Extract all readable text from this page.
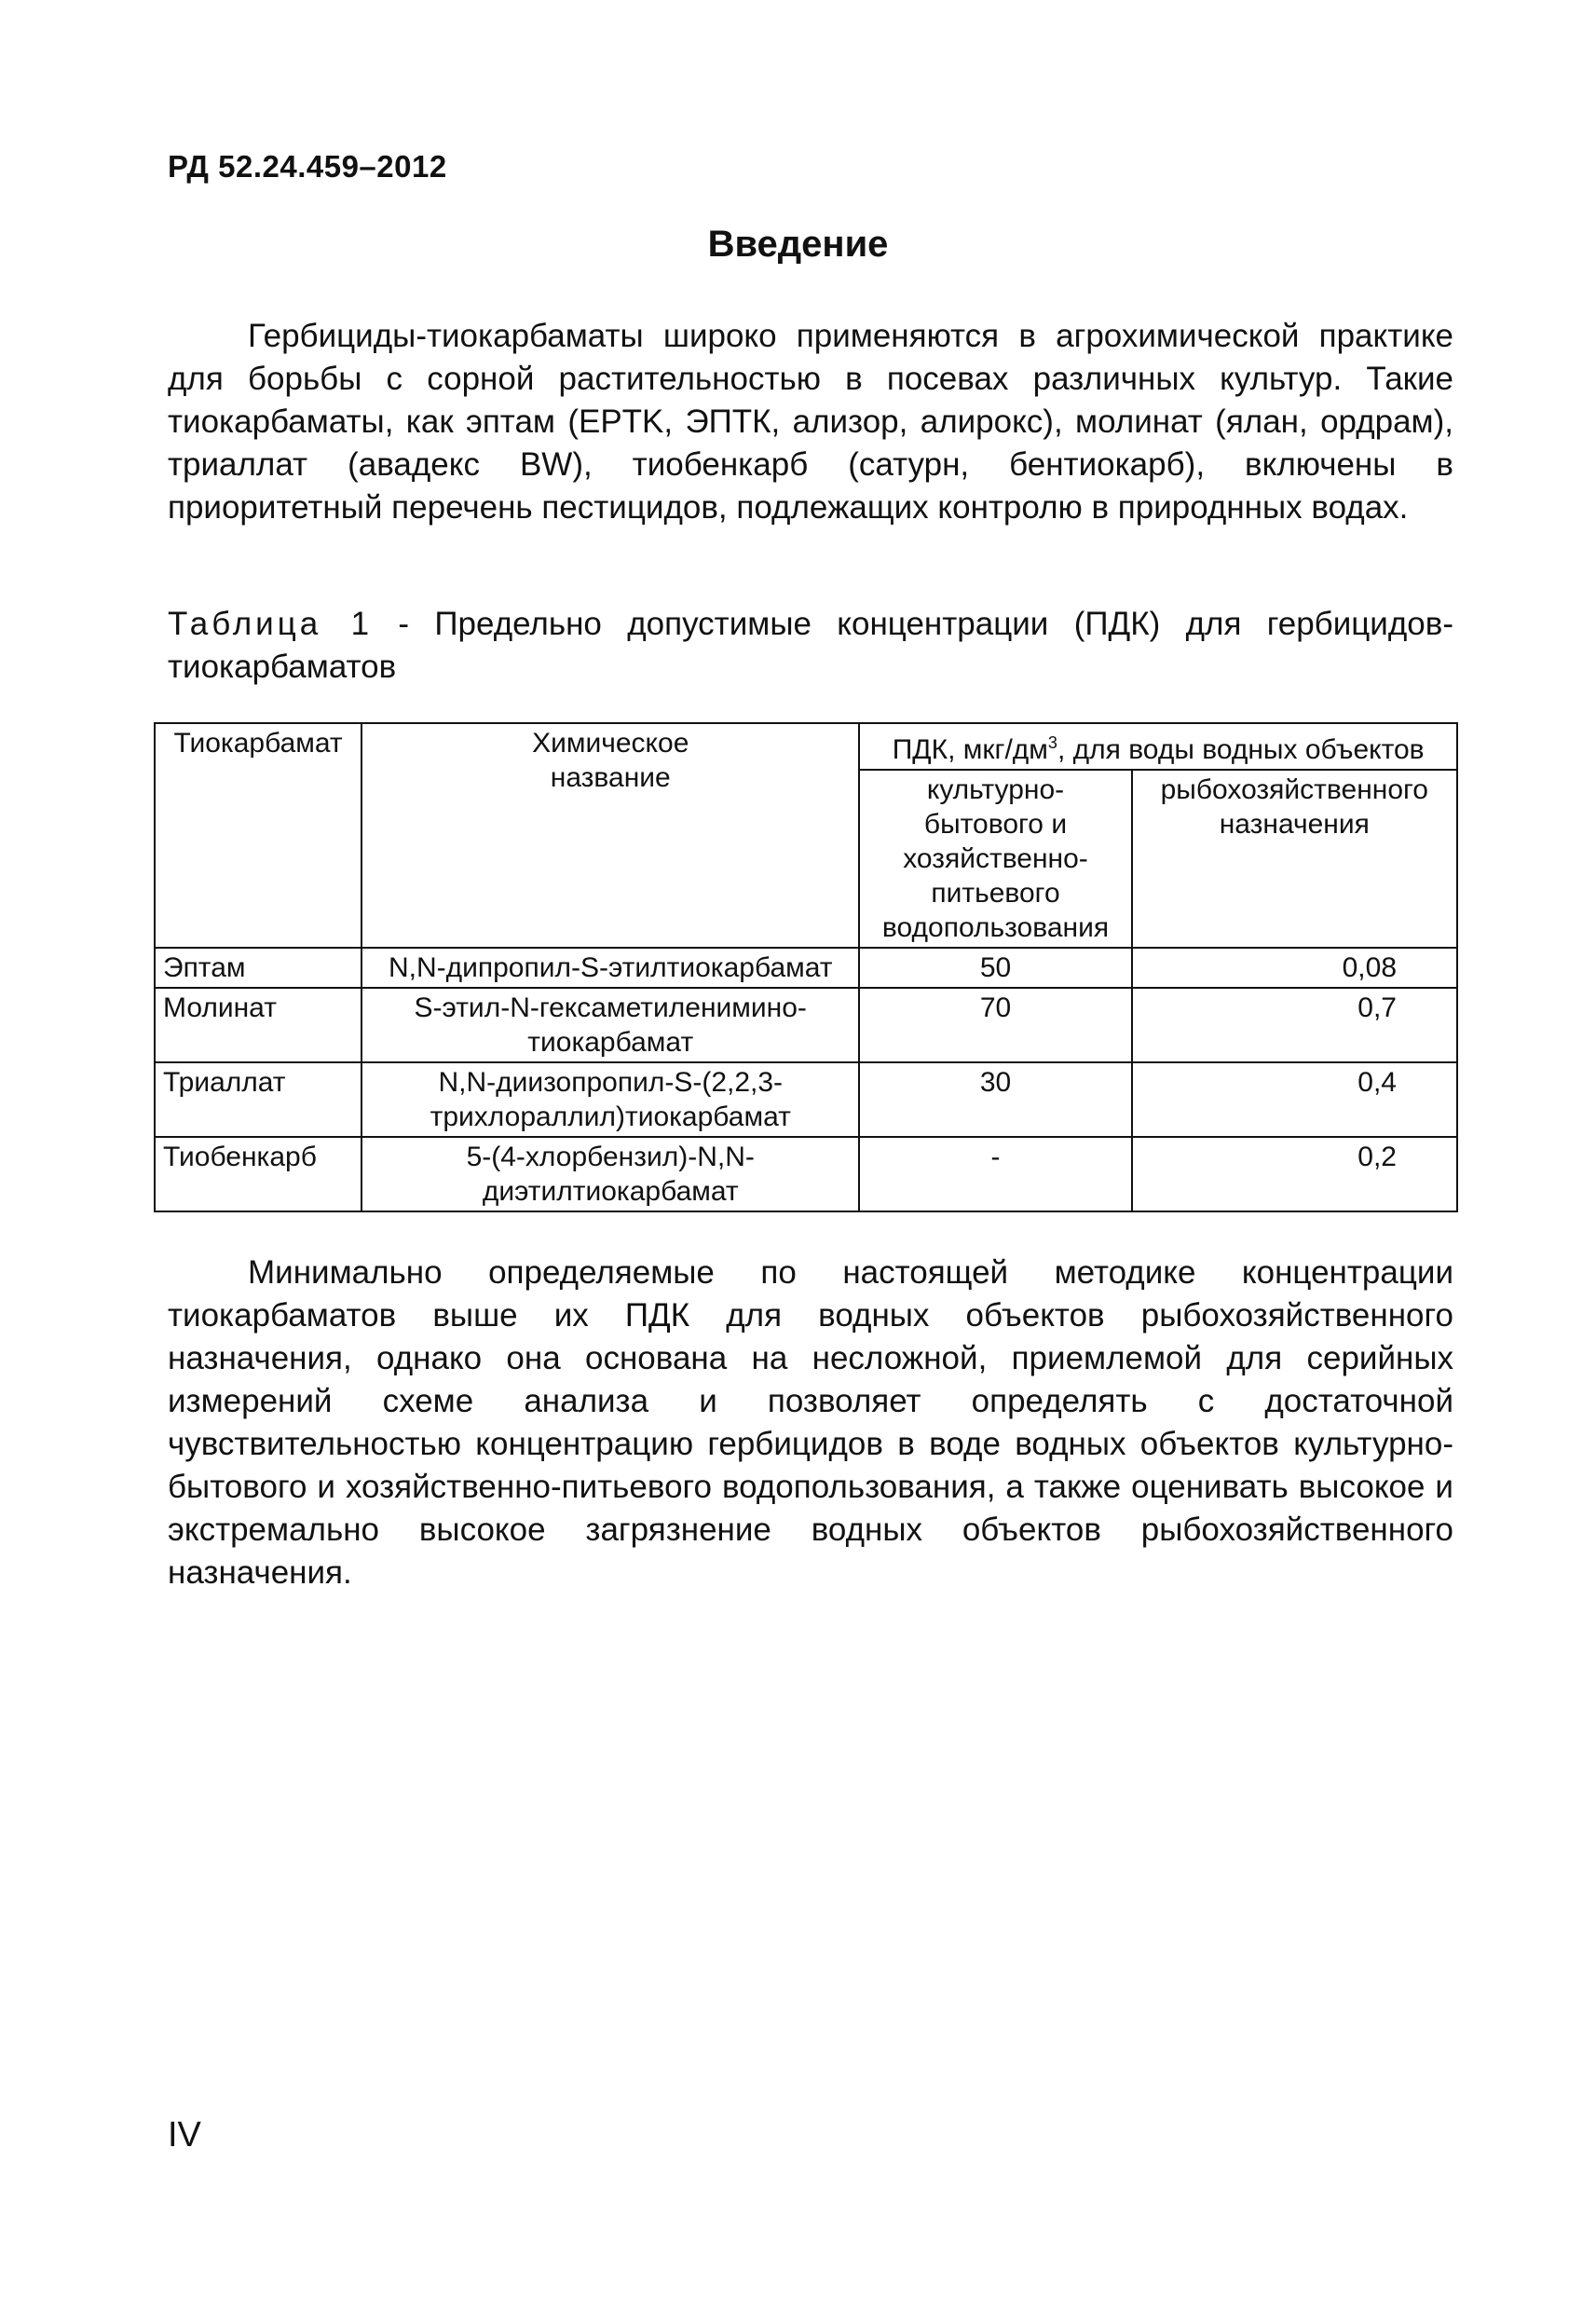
РД 52.24.459–2012
Введение

Гербициды-тиокарбаматы широко применяются в агрохимической практике для борьбы с сорной растительностью в посевах различных культур. Такие тиокарбаматы, как эптам (EPTK, ЭПТК, ализор, алирокс), молинат (ялан, ордрам), триаллат (авадекс BW), тиобенкарб (сатурн, бентиокарб), включены в приоритетный перечень пестицидов, подлежащих контролю в природнных водах.

Таблица 1 - Предельно допустимые концентрации (ПДК) для гербицидов-тиокарбаматов

Тиокарбамат	Химическое название	ПДК, мкг/$дм^3$, для воды водных объектов	
		культурно-бытового и хозяйственно- питьевого водопользования	рыбохозяйственного назначения
Эптам	N,N-дипропил-S-этилтиокарбамат	50	0,08
Молинат	S-этил-N-гексаметиленимино-тиокарбамат	70	0,7
Триаллат	N,N-диизопропил-S-(2,2,3-трихлораллил)тиокарбамат	30	0,4
Тиобенкарб	5-(4-хлорбензил)-N,N-диэтилтиокарбамат	-	0,2

Минимально определяемые по настоящей методике концентрации тиокарбаматов выше их ПДК для водных объектов рыбохозяйственного назначения, однако она основана на несложной, приемлемой для серийных измерений схеме анализа и позволяет определять с достаточной чувствительностью концентрацию гербицидов в воде водных объектов культурно-бытового и хозяйственно-питьевого водопользования, а также оценивать высокое и экстремально высокое загрязнение водных объектов рыбохозяйственного назначения.

IV
